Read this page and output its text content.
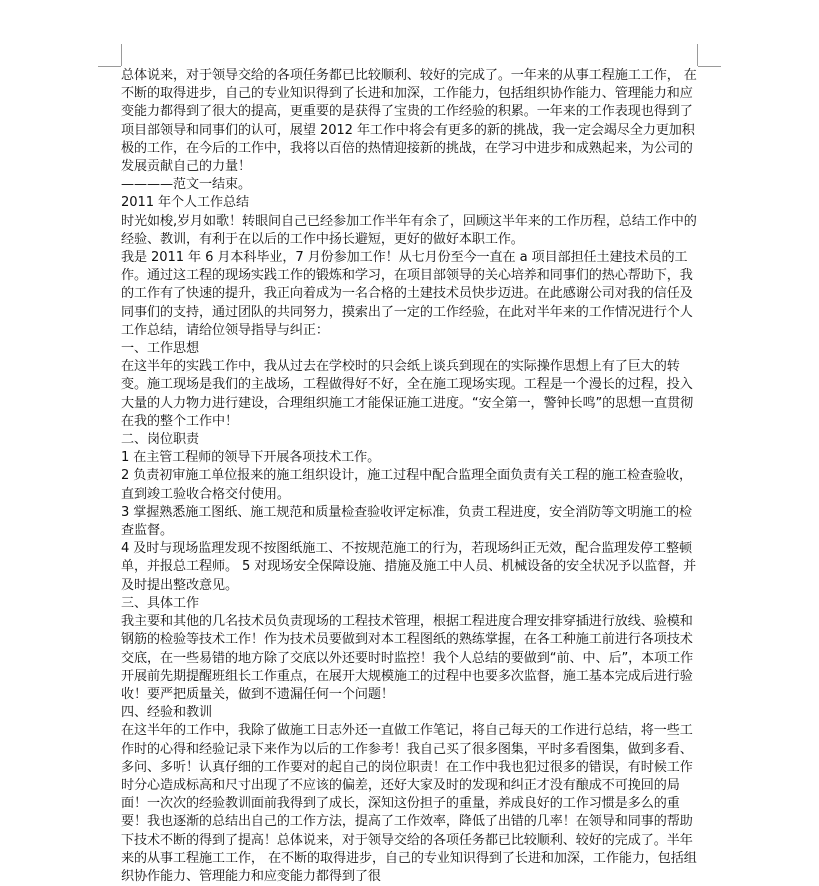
总体说来，对于领导交给的各项任务都已比较顺利、较好的完成了。一年来的从事工程施工工作， 在不断的取得进步，自己的专业知识得到了长进和加深，工作能力，包括组织协作能力、管理能力和应变能力都得到了很大的提高，更重要的是获得了宝贵的工作经验的积累。一年来的工作表现也得到了项目部领导和同事们的认可，展望 2012 年工作中将会有更多的新的挑战，我一定会竭尽全力更加积极的工作，在今后的工作中，我将以百倍的热情迎接新的挑战，在学习中进步和成熟起来，为公司的发展贡献自己的力量！

————范文一结束。

2011 年个人工作总结

时光如梭,岁月如歌！转眼间自己已经参加工作半年有余了，回顾这半年来的工作历程，总结工作中的经验、教训，有利于在以后的工作中扬长避短，更好的做好本职工作。

我是 2011 年 6 月本科毕业，7 月份参加工作！从七月份至今一直在 a 项目部担任土建技术员的工作。通过这工程的现场实践工作的锻炼和学习，在项目部领导的关心培养和同事们的热心帮助下，我的工作有了快速的提升，我正向着成为一名合格的土建技术员快步迈进。在此感谢公司对我的信任及同事们的支持，通过团队的共同努力，摸索出了一定的工作经验，在此对半年来的工作情况进行个人工作总结，请给位领导指导与纠正：

一、工作思想

在这半年的实践工作中，我从过去在学校时的只会纸上谈兵到现在的实际操作思想上有了巨大的转变。施工现场是我们的主战场，工程做得好不好，全在施工现场实现。工程是一个漫长的过程，投入大量的人力物力进行建设，合理组织施工才能保证施工进度。“安全第一，警钟长鸣”的思想一直贯彻在我的整个工作中！

二、岗位职责

1 在主管工程师的领导下开展各项技术工作。

2 负责初审施工单位报来的施工组织设计，施工过程中配合监理全面负责有关工程的施工检查验收，直到竣工验收合格交付使用。

3 掌握熟悉施工图纸、施工规范和质量检查验收评定标准，负责工程进度，安全消防等文明施工的检查监督。

4 及时与现场监理发现不按图纸施工、不按规范施工的行为，若现场纠正无效，配合监理发停工整顿单，并报总工程师。 5 对现场安全保障设施、措施及施工中人员、机械设备的安全状况予以监督，并及时提出整改意见。

三、具体工作

我主要和其他的几名技术员负责现场的工程技术管理，根据工程进度合理安排穿插进行放线、验模和钢筋的检验等技术工作！作为技术员要做到对本工程图纸的熟练掌握，在各工种施工前进行各项技术交底，在一些易错的地方除了交底以外还要时时监控！我个人总结的要做到“前、中、后”，本项工作开展前先期提醒班组长工作重点，在展开大规模施工的过程中也要多次监督，施工基本完成后进行验收！要严把质量关，做到不遗漏任何一个问题！

四、经验和教训

在这半年的工作中，我除了做施工日志外还一直做工作笔记，将自己每天的工作进行总结，将一些工作时的心得和经验记录下来作为以后的工作参考！我自己买了很多图集，平时多看图集，做到多看、多问、多听！认真仔细的工作要对的起自己的岗位职责！在工作中我也犯过很多的错误，有时候工作时分心造成标高和尺寸出现了不应该的偏差，还好大家及时的发现和纠正才没有酿成不可挽回的局面！一次次的经验教训面前我得到了成长，深知这份担子的重量，养成良好的工作习惯是多么的重要！我也逐渐的总结出自己的工作方法，提高了工作效率，降低了出错的几率！在领导和同事的帮助下技术不断的得到了提高！总体说来，对于领导交给的各项任务都已比较顺利、较好的完成了。半年来的从事工程施工工作， 在不断的取得进步，自己的专业知识得到了长进和加深，工作能力，包括组织协作能力、管理能力和应变能力都得到了很
